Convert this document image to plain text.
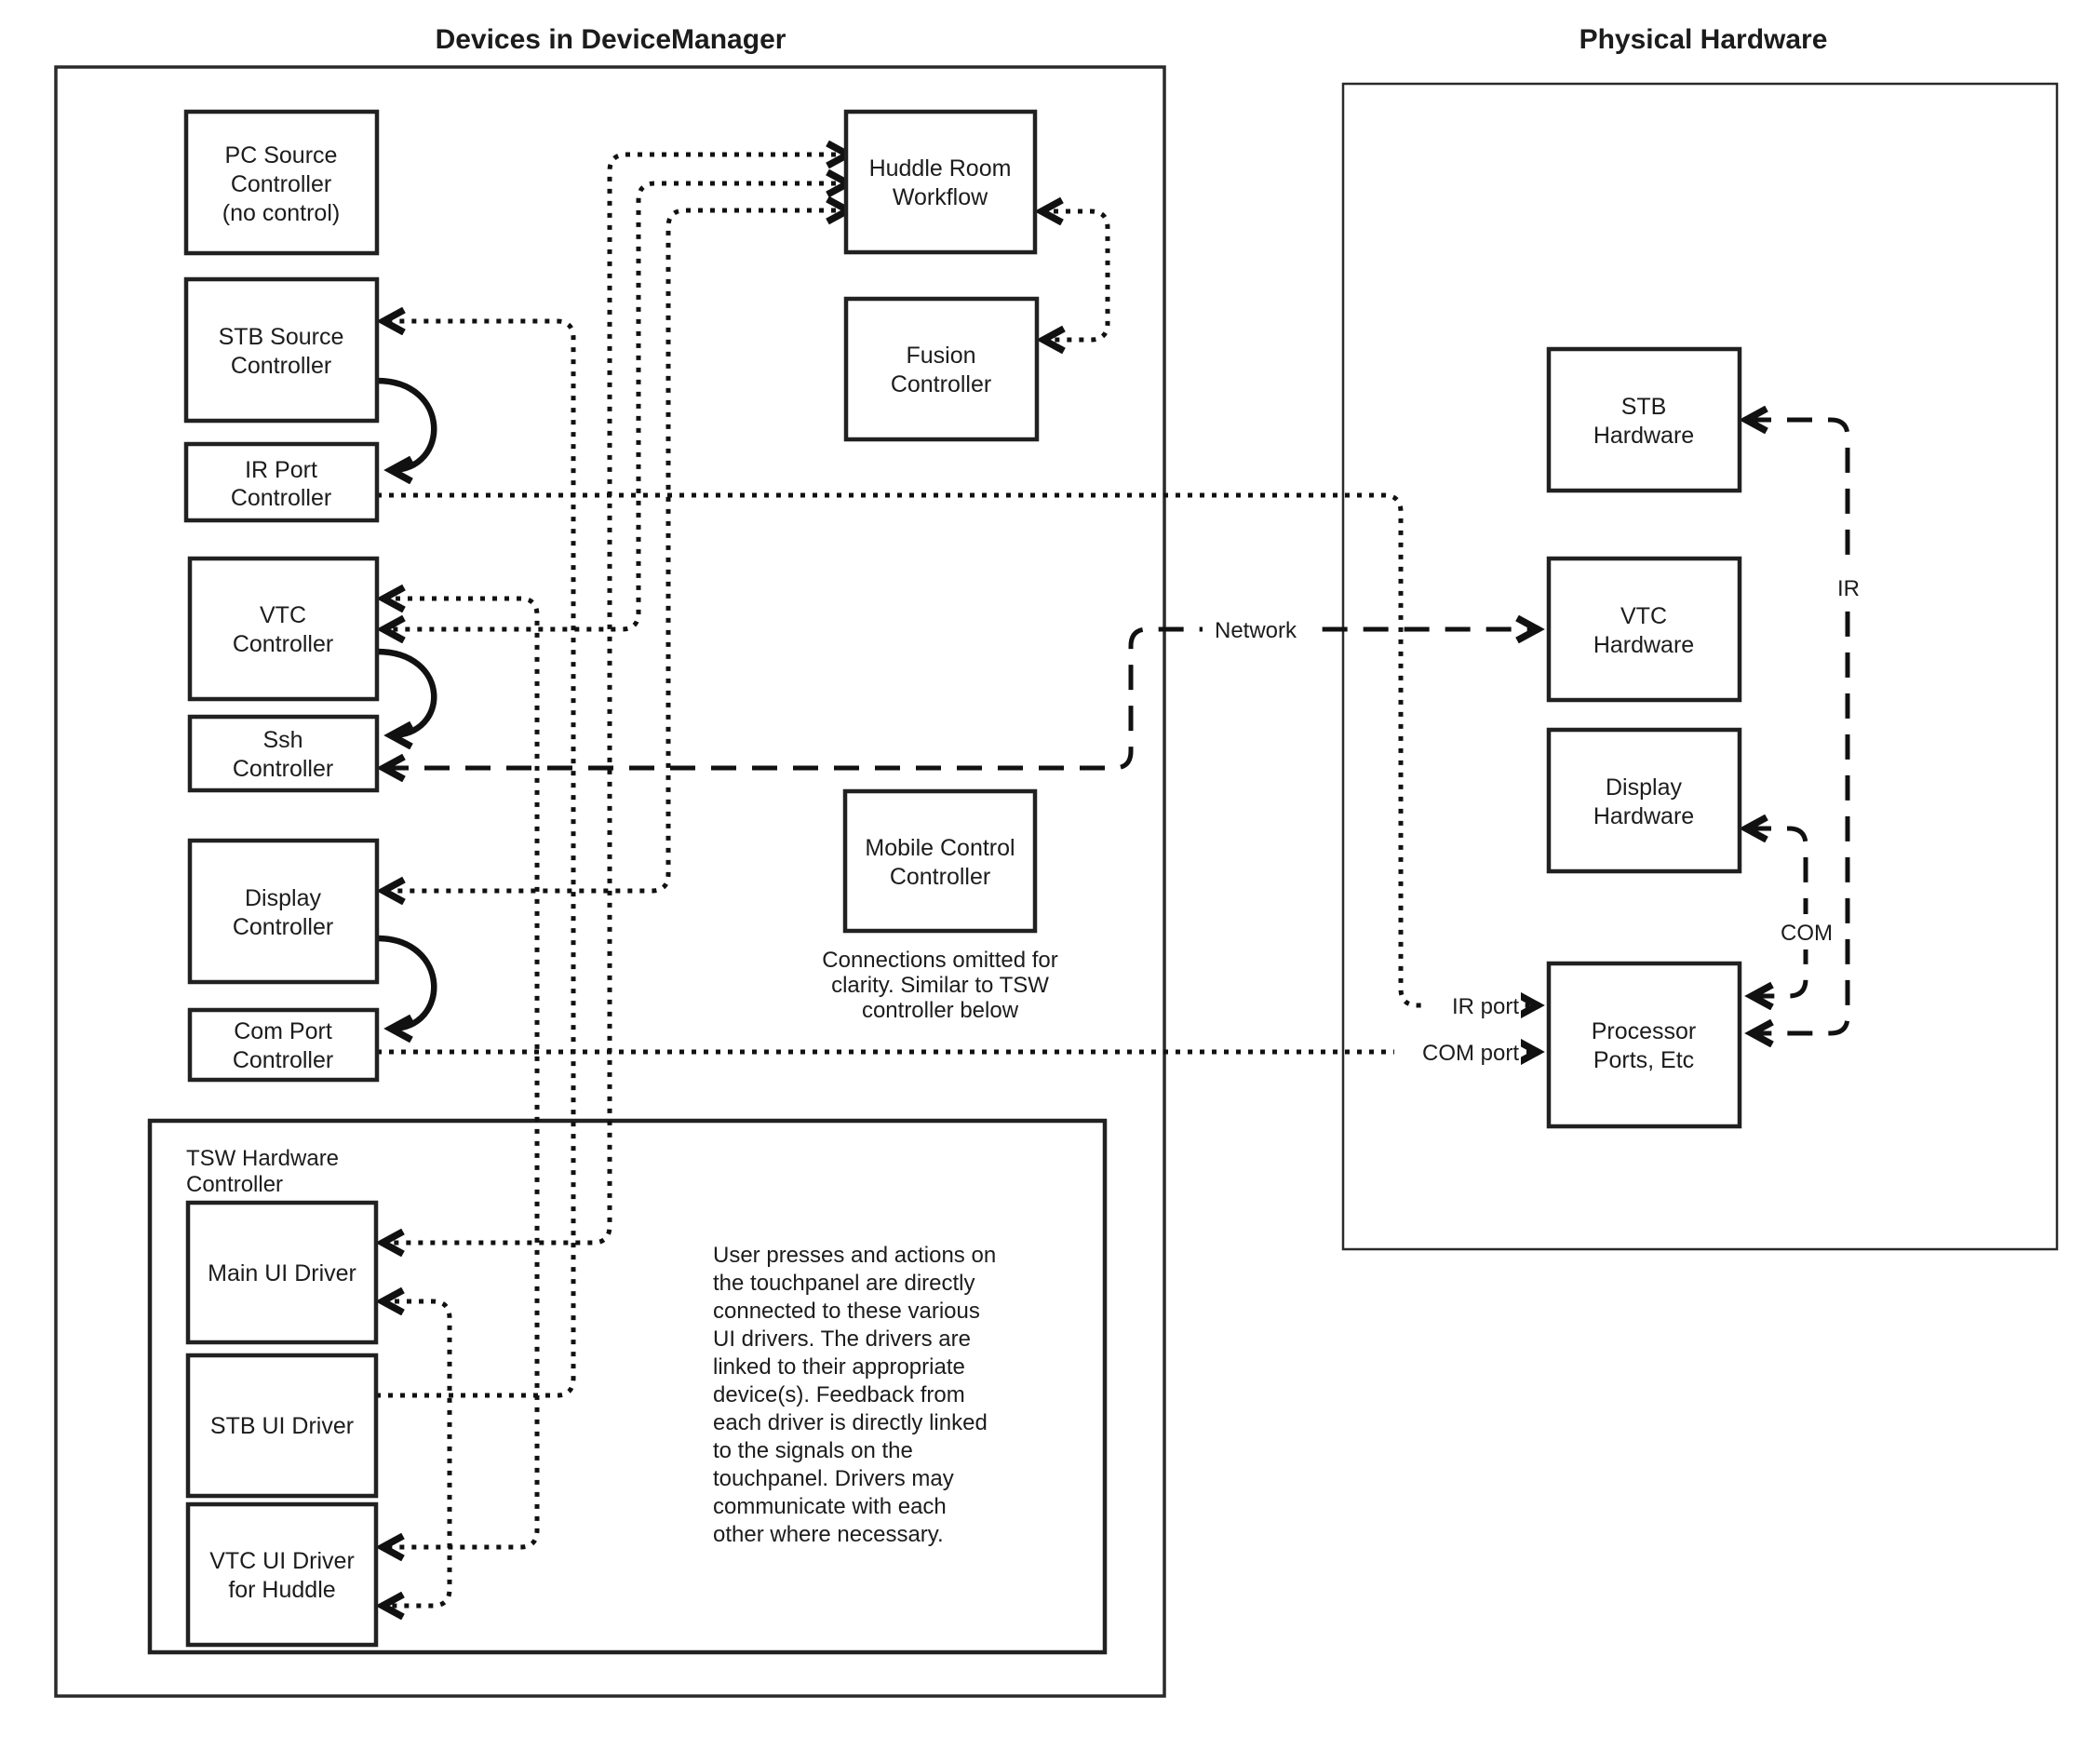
Devices in DeviceManager	Physical Hardware
TSW Hardware
Controller
Network
IR
COM
IR port
COM port
PC Source
Controller
(no control)
STB Source
Controller
IR Port
Controller
VTC
Controller
Ssh
Controller
Display
Controller
Com Port
Controller
Huddle Room
Workflow
Fusion
Controller
Mobile Control
Controller
Main UI Driver
STB UI Driver
VTC UI Driver
for Huddle
STB
Hardware
VTC
Hardware
Display
Hardware
Processor
Ports, Etc
Connections omitted for
clarity. Similar to TSW
controller below
User presses and actions on
the touchpanel are directly
connected to these various
UI drivers. The drivers are
linked to their appropriate
device(s). Feedback from
each driver is directly linked
to the signals on the
touchpanel. Drivers may
communicate with each
other where necessary.
